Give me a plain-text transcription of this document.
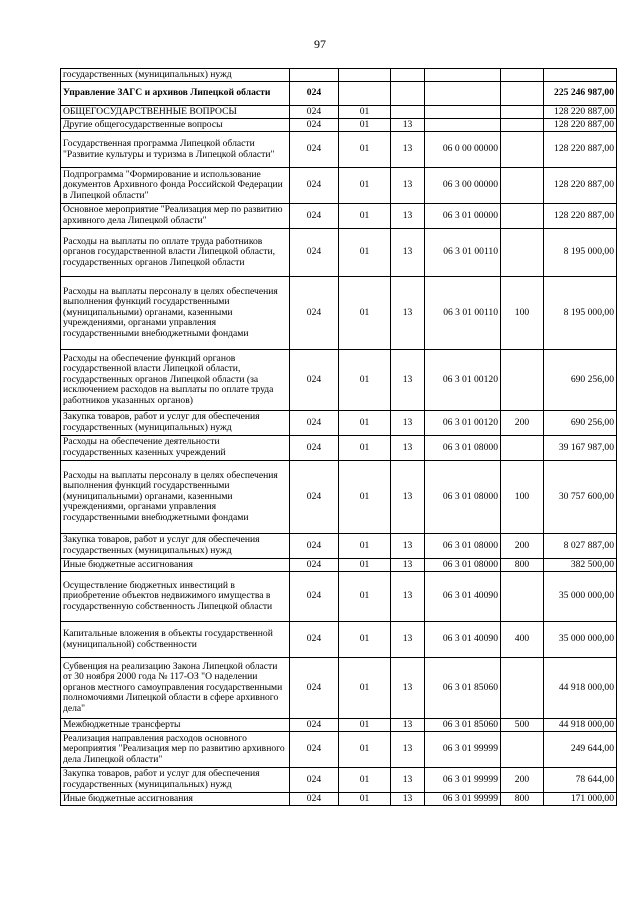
97
государственных (муниципальных) нужд						
Управление ЗАГС и архивов Липецкой области	024					225 246 987,00
ОБЩЕГОСУДАРСТВЕННЫЕ ВОПРОСЫ	024	01				128 220 887,00
Другие общегосударственные вопросы	024	01	13			128 220 887,00
Государственная программа Липецкой области "Развитие культуры и туризма в Липецкой области"	024	01	13	06 0 00 00000		128 220 887,00
Подпрограмма "Формирование и использование документов Архивного фонда Российской Федерации в Липецкой области"	024	01	13	06 3 00 00000		128 220 887,00
Основное мероприятие "Реализация мер по развитию архивного дела Липецкой области"	024	01	13	06 3 01 00000		128 220 887,00
Расходы на выплаты по оплате труда работников органов государственной власти Липецкой области, государственных органов Липецкой области	024	01	13	06 3 01 00110		8 195 000,00
Расходы на выплаты персоналу в целях обеспечения выполнения функций государственными (муниципальными) органами, казенными учреждениями, органами управления государственными внебюджетными фондами	024	01	13	06 3 01 00110	100	8 195 000,00
Расходы на обеспечение функций органов государственной власти Липецкой области, государственных органов Липецкой области (за исключением расходов на выплаты по оплате труда работников указанных органов)	024	01	13	06 3 01 00120		690 256,00
Закупка товаров, работ и услуг для обеспечения государственных (муниципальных) нужд	024	01	13	06 3 01 00120	200	690 256,00
Расходы на обеспечение деятельности государственных казенных учреждений	024	01	13	06 3 01 08000		39 167 987,00
Расходы на выплаты персоналу в целях обеспечения выполнения функций государственными (муниципальными) органами, казенными учреждениями, органами управления государственными внебюджетными фондами	024	01	13	06 3 01 08000	100	30 757 600,00
Закупка товаров, работ и услуг для обеспечения государственных (муниципальных) нужд	024	01	13	06 3 01 08000	200	8 027 887,00
Иные бюджетные ассигнования	024	01	13	06 3 01 08000	800	382 500,00
Осуществление бюджетных инвестиций в приобретение объектов недвижимого имущества в государственную собственность Липецкой области	024	01	13	06 3 01 40090		35 000 000,00
Капитальные вложения в объекты государственной (муниципальной) собственности	024	01	13	06 3 01 40090	400	35 000 000,00
Субвенция на реализацию Закона Липецкой области от 30 ноября 2000 года № 117-ОЗ "О наделении органов местного самоуправления государственными полномочиями Липецкой области в сфере архивного дела"	024	01	13	06 3 01 85060		44 918 000,00
Межбюджетные трансферты	024	01	13	06 3 01 85060	500	44 918 000,00
Реализация направления расходов основного мероприятия "Реализация мер по развитию архивного дела Липецкой области"	024	01	13	06 3 01 99999		249 644,00
Закупка товаров, работ и услуг для обеспечения государственных (муниципальных) нужд	024	01	13	06 3 01 99999	200	78 644,00
Иные бюджетные ассигнования	024	01	13	06 3 01 99999	800	171 000,00
